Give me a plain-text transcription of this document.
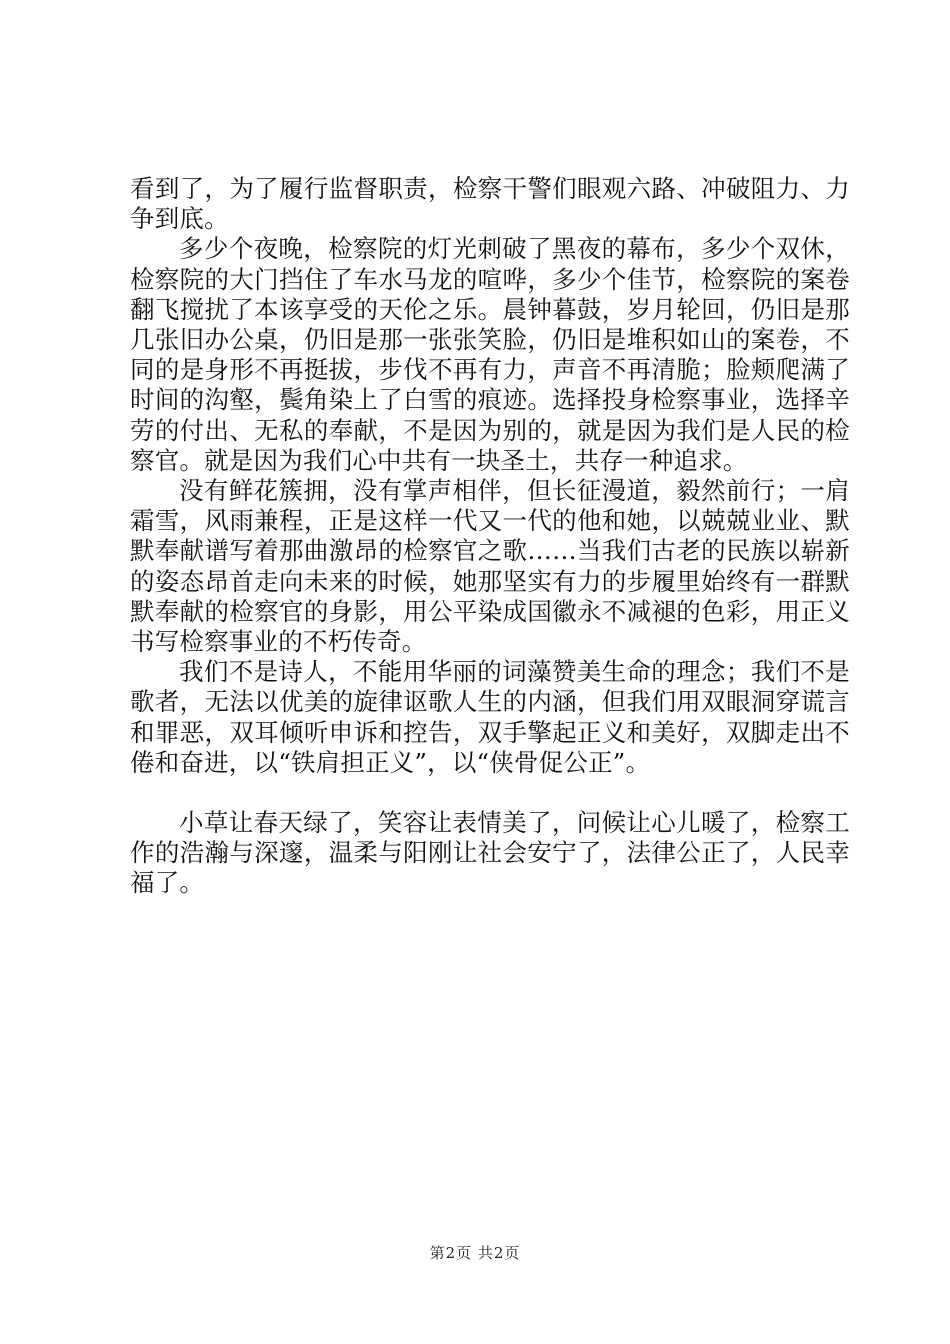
看到了，为了履行监督职责，检察干警们眼观六路、冲破阻力、力争到底。

多少个夜晚，检察院的灯光刺破了黑夜的幕布，多少个双休，检察院的大门挡住了车水马龙的喧哗，多少个佳节，检察院的案卷翻飞搅扰了本该享受的天伦之乐。晨钟暮鼓，岁月轮回，仍旧是那几张旧办公桌，仍旧是那一张张笑脸，仍旧是堆积如山的案卷，不同的是身形不再挺拔，步伐不再有力，声音不再清脆；脸颊爬满了时间的沟壑，鬓角染上了白雪的痕迹。选择投身检察事业，选择辛劳的付出、无私的奉献，不是因为别的，就是因为我们是人民的检察官。就是因为我们心中共有一块圣土，共存一种追求。

没有鲜花簇拥，没有掌声相伴，但长征漫道，毅然前行；一肩霜雪，风雨兼程，正是这样一代又一代的他和她，以兢兢业业、默默奉献谱写着那曲激昂的检察官之歌……当我们古老的民族以崭新的姿态昂首走向未来的时候，她那坚实有力的步履里始终有一群默默奉献的检察官的身影，用公平染成国徽永不减褪的色彩，用正义书写检察事业的不朽传奇。

我们不是诗人，不能用华丽的词藻赞美生命的理念；我们不是歌者，无法以优美的旋律讴歌人生的内涵，但我们用双眼洞穿谎言和罪恶，双耳倾听申诉和控告，双手擎起正义和美好，双脚走出不倦和奋进，以“铁肩担正义”，以“侠骨促公正”。

小草让春天绿了，笑容让表情美了，问候让心儿暖了，检察工作的浩瀚与深邃，温柔与阳刚让社会安宁了，法律公正了，人民幸福了。

第2页 共2页
